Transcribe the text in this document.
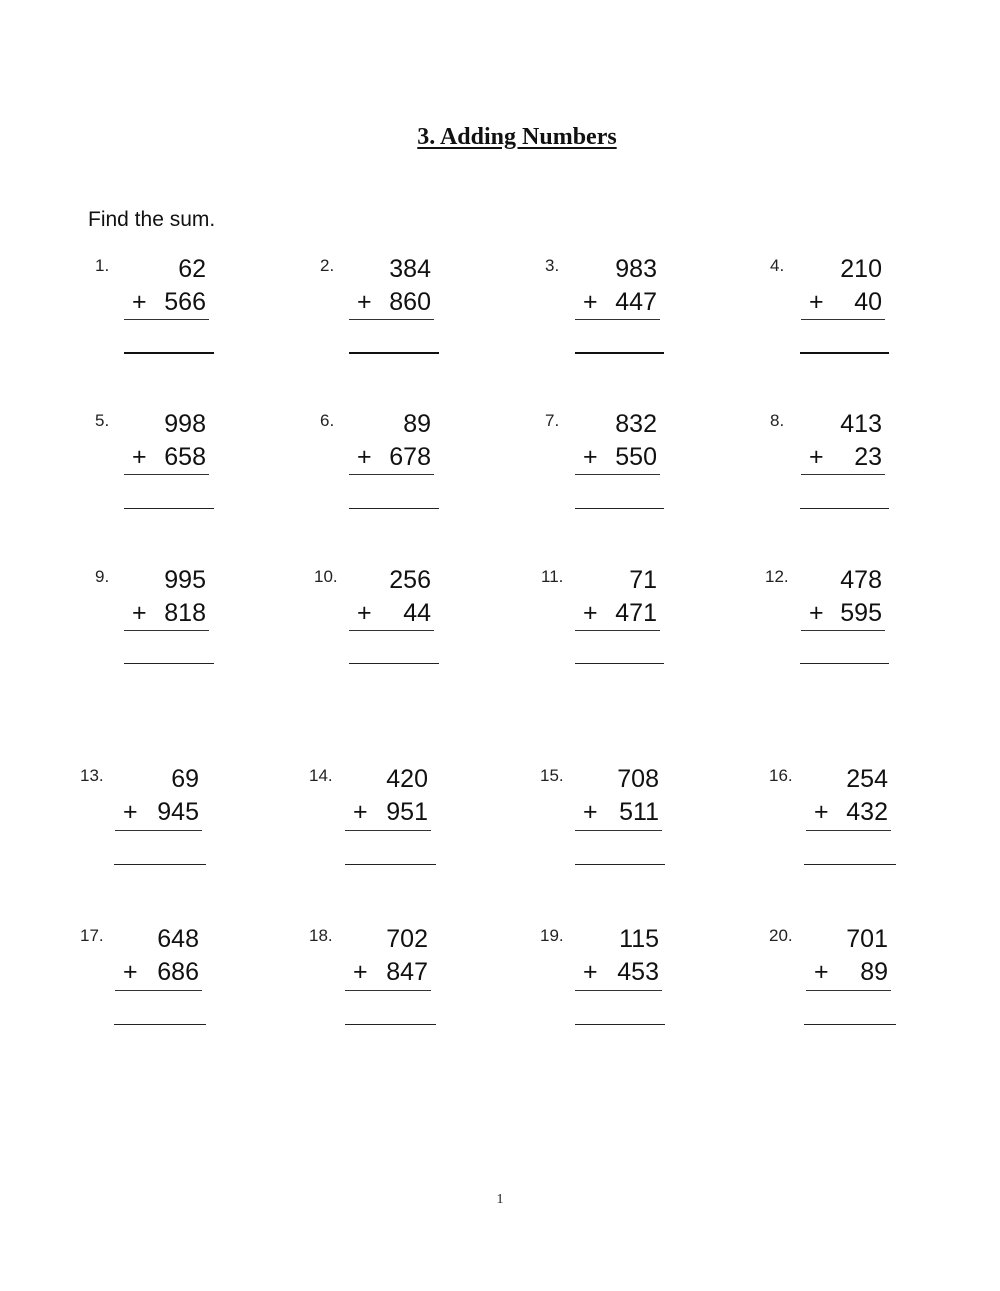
3. Adding Numbers
Find the sum.
1.	62
+ 566
2.	384
+ 860
3.	983
+ 447
4.	210
+	40
5.	998
+ 658
6.	89
+ 678
7.	832
+ 550
8.	413
+	23
9.	995
+ 818
10.	256
+	44
11.	71
+ 471
12.	478
+ 595
13.	69
+ 945
14.	420
+ 951
15.	708
+ 511
16.	254
+ 432
17.	648
+ 686
18.	702
+ 847
19.	115
+ 453
20.	701
+	89
1
